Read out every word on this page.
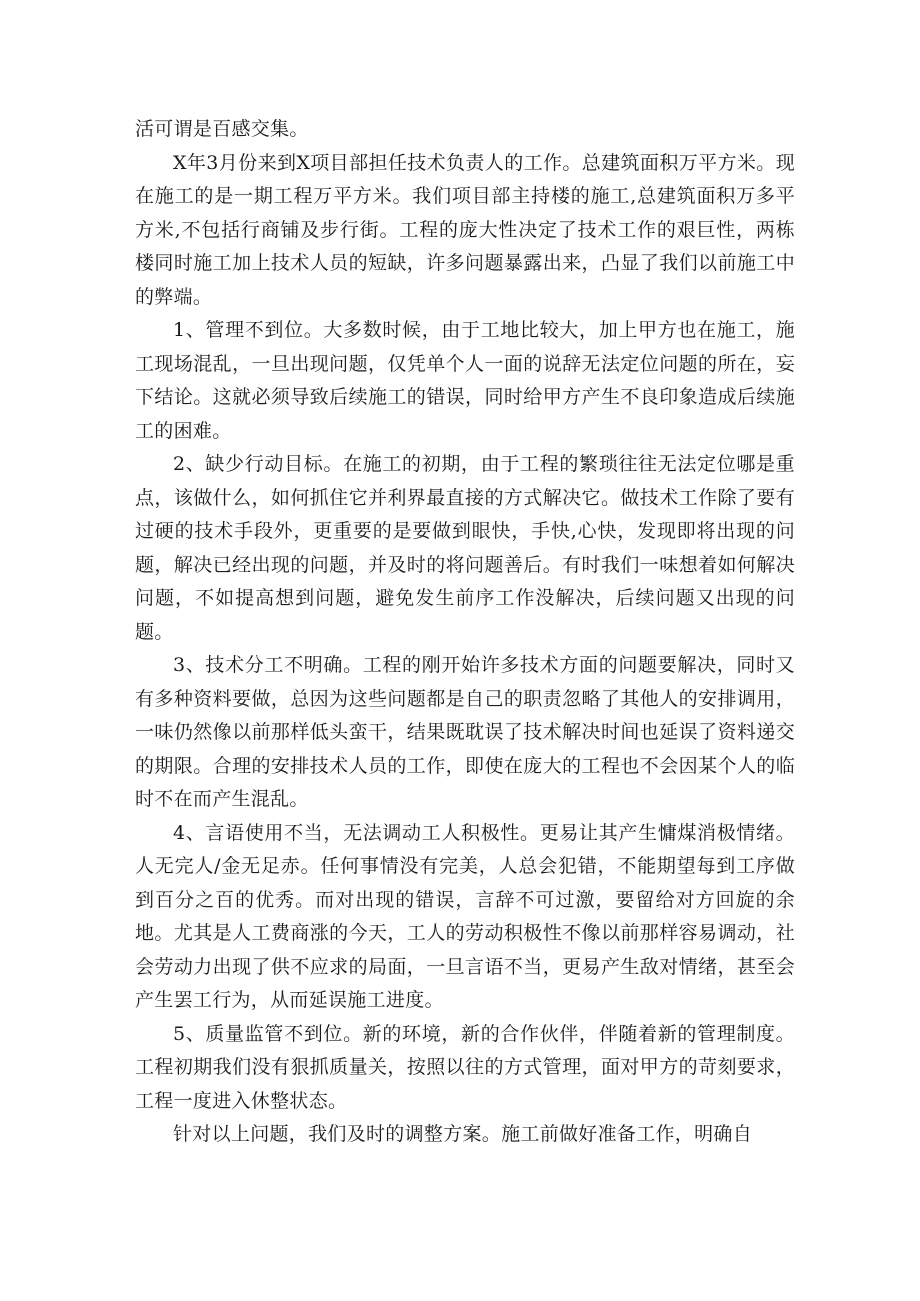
活可谓是百感交集。

X年3月份来到X项目部担任技术负责人的工作。总建筑面积万平方米。现在施工的是一期工程万平方米。我们项目部主持楼的施工,总建筑面积万多平方米,不包括行商铺及步行街。工程的庞大性决定了技术工作的艰巨性，两栋楼同时施工加上技术人员的短缺，许多问题暴露出来，凸显了我们以前施工中的弊端。

1、管理不到位。大多数时候，由于工地比较大，加上甲方也在施工，施工现场混乱，一旦出现问题，仅凭单个人一面的说辞无法定位问题的所在，妄下结论。这就必须导致后续施工的错误，同时给甲方产生不良印象造成后续施工的困难。

2、缺少行动目标。在施工的初期，由于工程的繁琐往往无法定位哪是重点，该做什么，如何抓住它并利界最直接的方式解决它。做技术工作除了要有过硬的技术手段外，更重要的是要做到眼快，手快,心快，发现即将出现的问题，解决已经出现的问题，并及时的将问题善后。有时我们一味想着如何解决问题，不如提高想到问题，避免发生前序工作没解决，后续问题又出现的问题。

3、技术分工不明确。工程的刚开始许多技术方面的问题要解决，同时又有多种资料要做，总因为这些问题都是自己的职责忽略了其他人的安排调用，一味仍然像以前那样低头蛮干，结果既耽误了技术解决时间也延误了资料递交的期限。合理的安排技术人员的工作，即使在庞大的工程也不会因某个人的临时不在而产生混乱。

4、言语使用不当，无法调动工人积极性。更易让其产生慵煤消极情绪。人无完人/金无足赤。任何事情没有完美，人总会犯错，不能期望每到工序做到百分之百的优秀。而对出现的错误，言辞不可过激，要留给对方回旋的余地。尤其是人工费商涨的今天，工人的劳动积极性不像以前那样容易调动，社会劳动力出现了供不应求的局面，一旦言语不当，更易产生敌对情绪，甚至会产生罢工行为，从而延误施工进度。

5、质量监管不到位。新的环境，新的合作伙伴，伴随着新的管理制度。工程初期我们没有狠抓质量关，按照以往的方式管理，面对甲方的苛刻要求，工程一度进入休整状态。

针对以上问题，我们及时的调整方案。施工前做好准备工作，明确自
